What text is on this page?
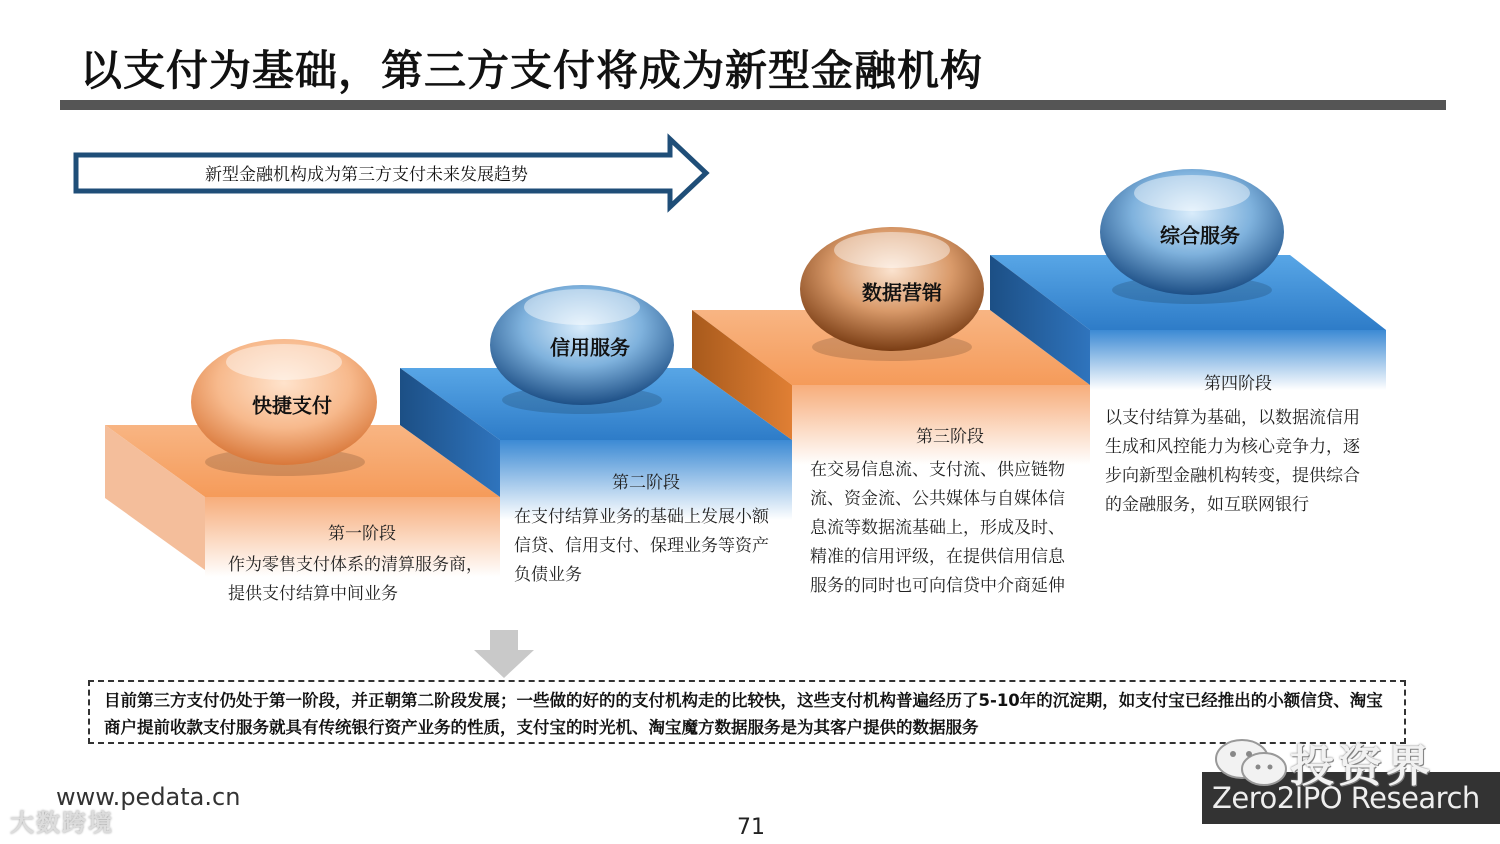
以支付为基础，第三方支付将成为新型金融机构
新型金融机构成为第三方支付未来发展趋势
快捷支付
信用服务
数据营销
综合服务
第一阶段
第二阶段
第三阶段
第四阶段
作为零售支付体系的清算服务商，提供支付结算中间业务
在支付结算业务的基础上发展小额信贷、信用支付、保理业务等资产负债业务
在交易信息流、支付流、供应链物流、资金流、公共媒体与自媒体信息流等数据流基础上，形成及时、精准的信用评级，在提供信用信息服务的同时也可向信贷中介商延伸
以支付结算为基础，以数据流信用生成和风控能力为核心竞争力，逐步向新型金融机构转变，提供综合的金融服务，如互联网银行
目前第三方支付仍处于第一阶段，并正朝第二阶段发展；一些做的好的的支付机构走的比较快，这些支付机构普遍经历了5-10年的沉淀期，如支付宝已经推出的小额信贷、淘宝商户提前收款支付服务就具有传统银行资产业务的性质，支付宝的时光机、淘宝魔方数据服务是为其客户提供的数据服务
www.pedata.cn
大数跨境	71
投资界
Zero2IPO Research
